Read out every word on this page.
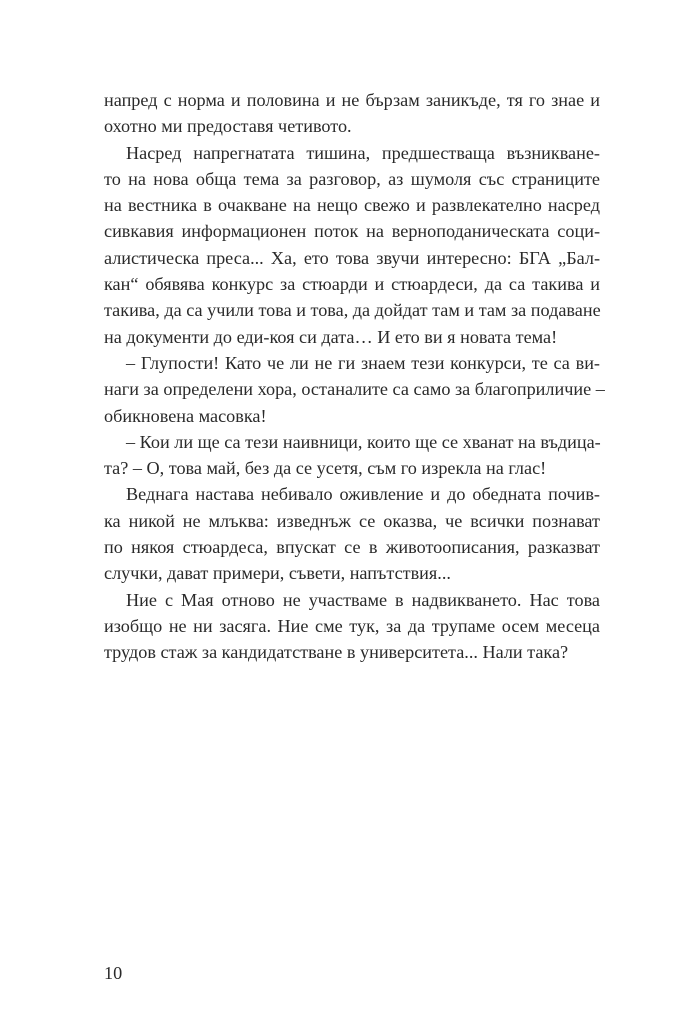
напред с норма и половина и не бързам заникъде, тя го знае и
охотно ми предоставя четивото.
Насред напрегнатата тишина, предшестваща възникване-
то на нова обща тема за разговор, аз шумоля със страниците
на вестника в очакване на нещо свежо и развлекателно насред
сивкавия информационен поток на верноподаническата соци-
алистическа преса... Ха, ето това звучи интересно: БГА „Бал-
кан“ обявява конкурс за стюарди и стюардеси, да са такива и
такива, да са учили това и това, да дойдат там и там за подаване
на документи до еди-коя си дата… И ето ви я новата тема!
– Глупости! Като че ли не ги знаем тези конкурси, те са ви-
наги за определени хора, останалите са само за благоприличие –
обикновена масовка!
– Кои ли ще са тези наивници, които ще се хванат на въдица-
та? – О, това май, без да се усетя, съм го изрекла на глас!
Веднага настава небивало оживление и до обедната почив-
ка никой не млъква: изведнъж се оказва, че всички познават
по някоя стюардеса, впускат се в животоописания, разказват
случки, дават примери, съвети, напътствия...
Ние с Мая отново не участваме в надвикването. Нас това
изобщо не ни засяга. Ние сме тук, за да трупаме осем месеца
трудов стаж за кандидатстване в университета... Нали така?
10
